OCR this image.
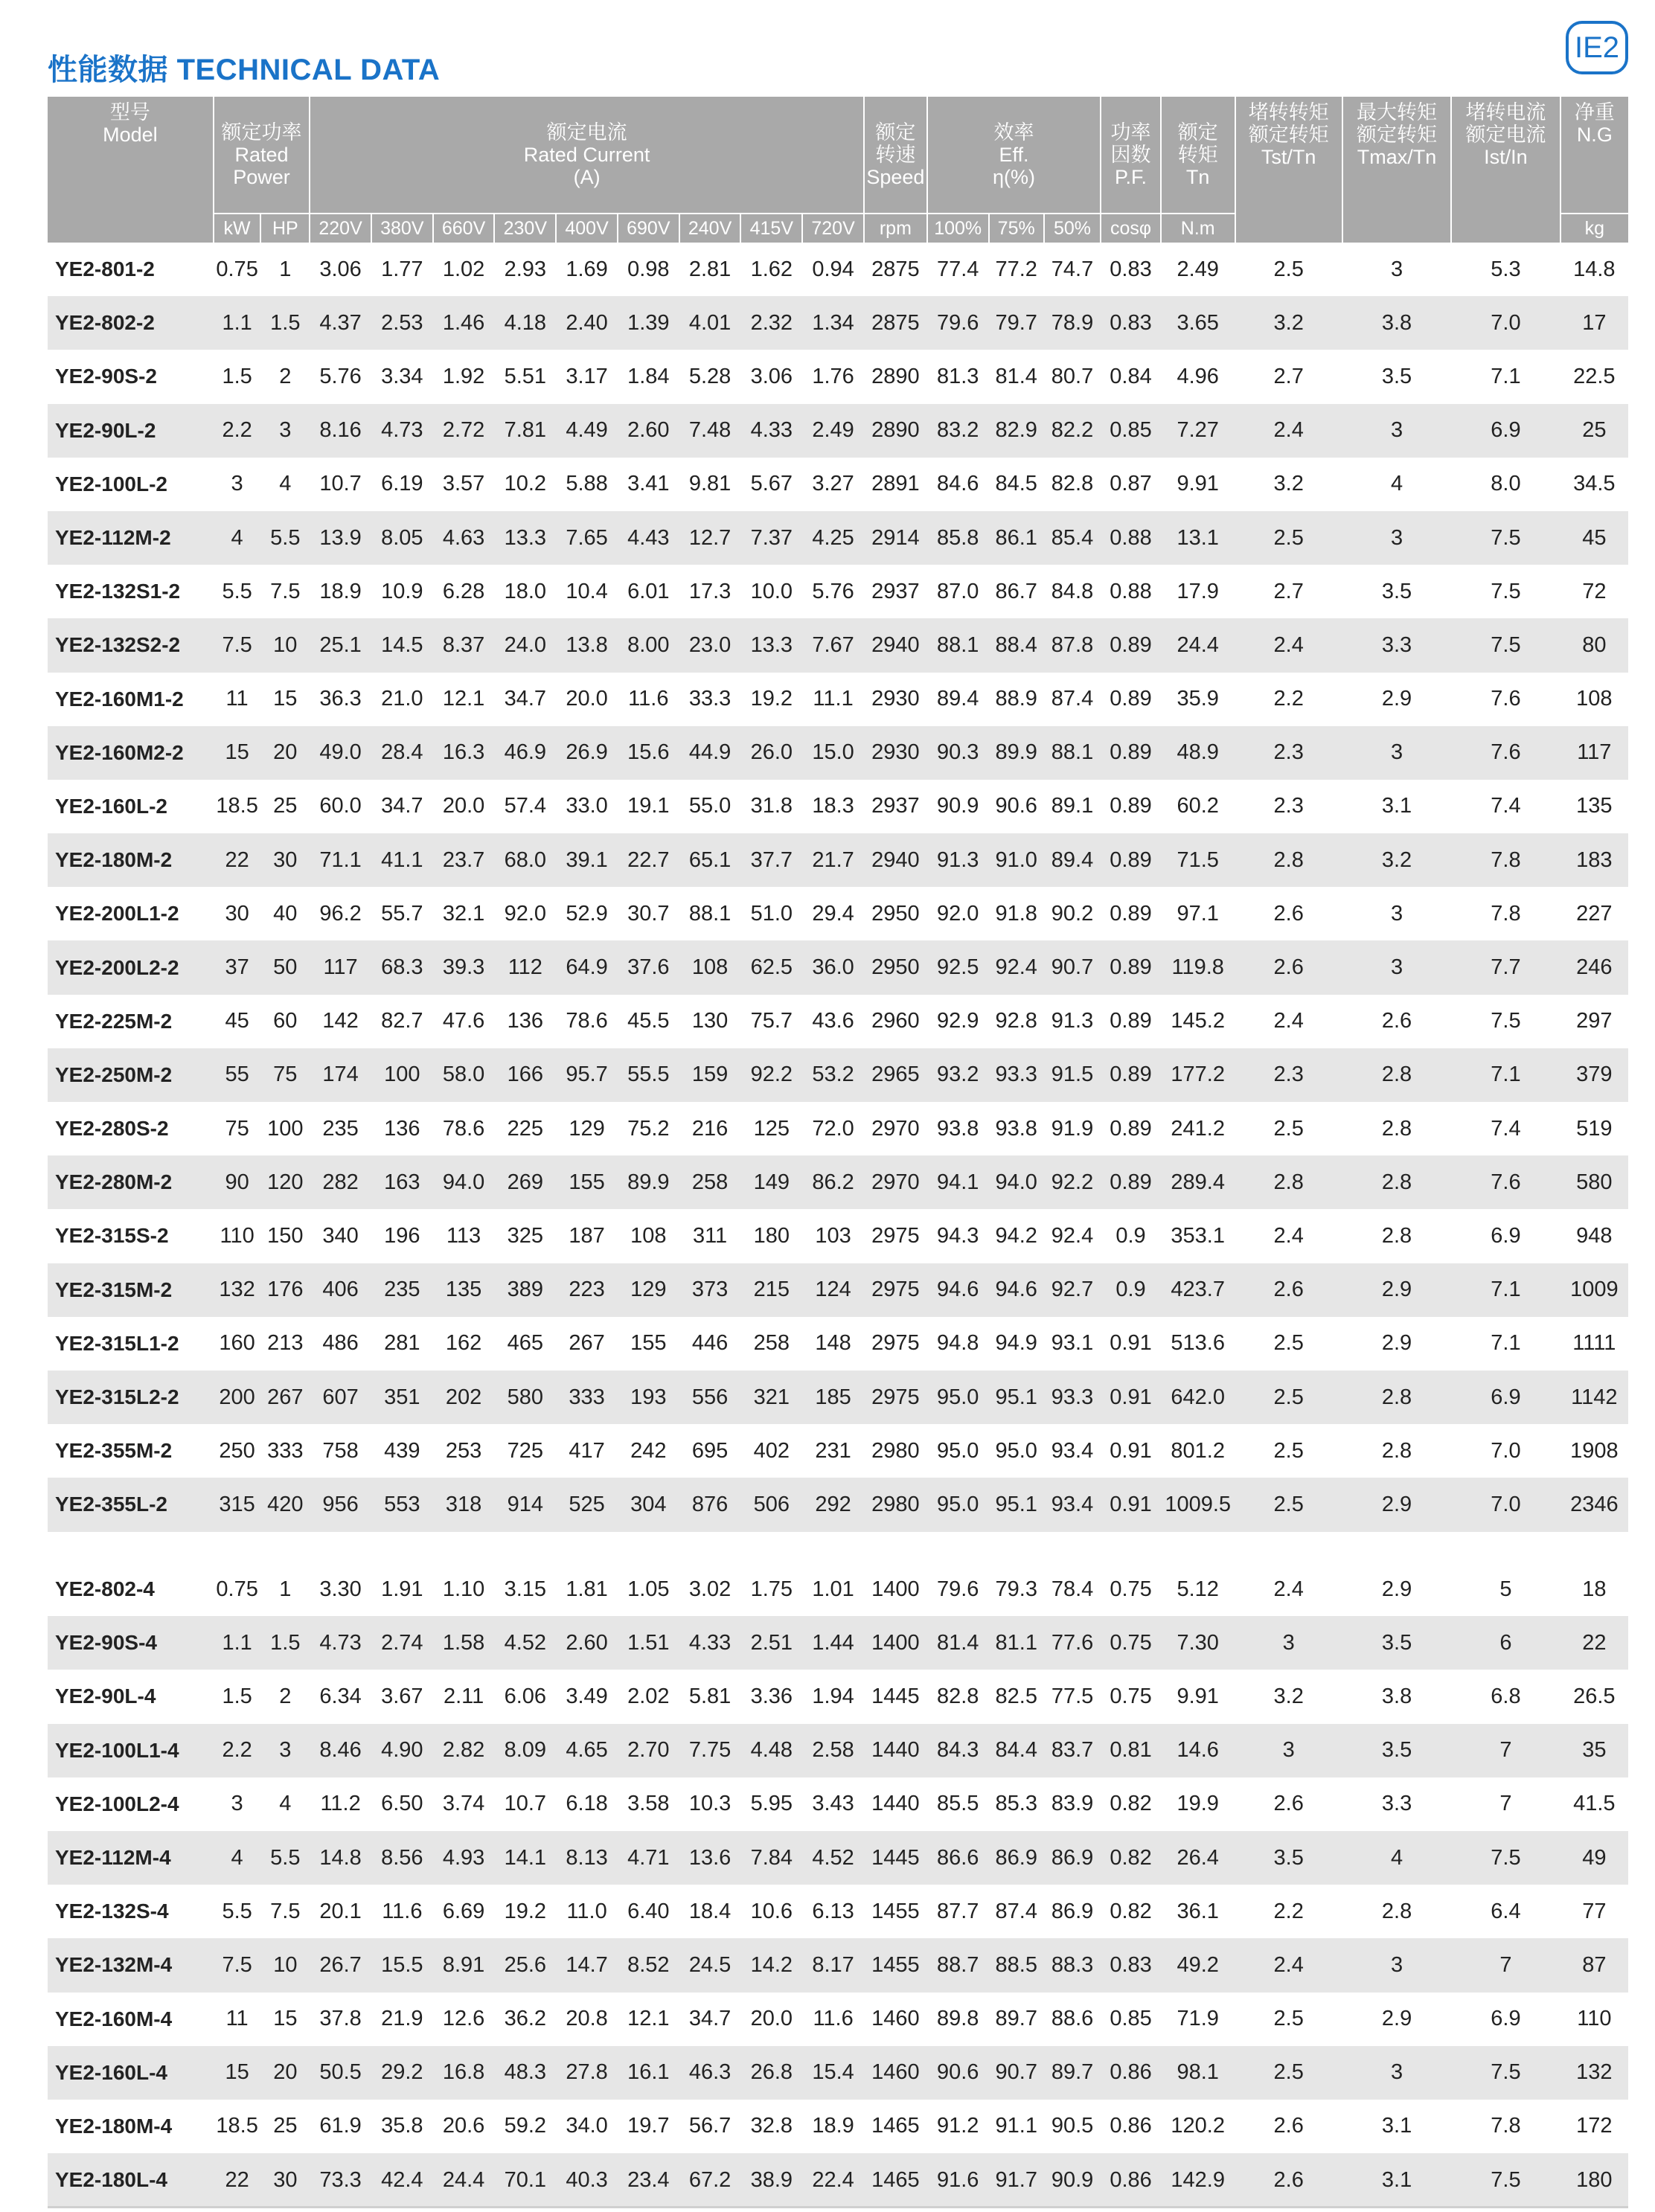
性能数据 TECHNICAL DATA
IE2
型号
Model	额定功率
Rated
Power		额定电流
Rated Current
(A)									额定
转速
Speed	效率
Eff.
η(%)			功率
因数
P.F.	额定
转矩
Tn	堵转转矩
额定转矩
Tst/Tn	最大转矩
额定转矩
Tmax/Tn	堵转电流
额定电流
Ist/In	净重
N.G
	kW	HP	220V	380V	660V	230V	400V	690V	240V	415V	720V	rpm	100%	75%	50%	cosφ	N.m				kg
YE2-801-2	0.75	1	3.06	1.77	1.02	2.93	1.69	0.98	2.81	1.62	0.94	2875	77.4	77.2	74.7	0.83	2.49	2.5	3	5.3	14.8
YE2-802-2	1.1	1.5	4.37	2.53	1.46	4.18	2.40	1.39	4.01	2.32	1.34	2875	79.6	79.7	78.9	0.83	3.65	3.2	3.8	7.0	17
YE2-90S-2	1.5	2	5.76	3.34	1.92	5.51	3.17	1.84	5.28	3.06	1.76	2890	81.3	81.4	80.7	0.84	4.96	2.7	3.5	7.1	22.5
YE2-90L-2	2.2	3	8.16	4.73	2.72	7.81	4.49	2.60	7.48	4.33	2.49	2890	83.2	82.9	82.2	0.85	7.27	2.4	3	6.9	25
YE2-100L-2	3	4	10.7	6.19	3.57	10.2	5.88	3.41	9.81	5.67	3.27	2891	84.6	84.5	82.8	0.87	9.91	3.2	4	8.0	34.5
YE2-112M-2	4	5.5	13.9	8.05	4.63	13.3	7.65	4.43	12.7	7.37	4.25	2914	85.8	86.1	85.4	0.88	13.1	2.5	3	7.5	45
YE2-132S1-2	5.5	7.5	18.9	10.9	6.28	18.0	10.4	6.01	17.3	10.0	5.76	2937	87.0	86.7	84.8	0.88	17.9	2.7	3.5	7.5	72
YE2-132S2-2	7.5	10	25.1	14.5	8.37	24.0	13.8	8.00	23.0	13.3	7.67	2940	88.1	88.4	87.8	0.89	24.4	2.4	3.3	7.5	80
YE2-160M1-2	11	15	36.3	21.0	12.1	34.7	20.0	11.6	33.3	19.2	11.1	2930	89.4	88.9	87.4	0.89	35.9	2.2	2.9	7.6	108
YE2-160M2-2	15	20	49.0	28.4	16.3	46.9	26.9	15.6	44.9	26.0	15.0	2930	90.3	89.9	88.1	0.89	48.9	2.3	3	7.6	117
YE2-160L-2	18.5	25	60.0	34.7	20.0	57.4	33.0	19.1	55.0	31.8	18.3	2937	90.9	90.6	89.1	0.89	60.2	2.3	3.1	7.4	135
YE2-180M-2	22	30	71.1	41.1	23.7	68.0	39.1	22.7	65.1	37.7	21.7	2940	91.3	91.0	89.4	0.89	71.5	2.8	3.2	7.8	183
YE2-200L1-2	30	40	96.2	55.7	32.1	92.0	52.9	30.7	88.1	51.0	29.4	2950	92.0	91.8	90.2	0.89	97.1	2.6	3	7.8	227
YE2-200L2-2	37	50	117	68.3	39.3	112	64.9	37.6	108	62.5	36.0	2950	92.5	92.4	90.7	0.89	119.8	2.6	3	7.7	246
YE2-225M-2	45	60	142	82.7	47.6	136	78.6	45.5	130	75.7	43.6	2960	92.9	92.8	91.3	0.89	145.2	2.4	2.6	7.5	297
YE2-250M-2	55	75	174	100	58.0	166	95.7	55.5	159	92.2	53.2	2965	93.2	93.3	91.5	0.89	177.2	2.3	2.8	7.1	379
YE2-280S-2	75	100	235	136	78.6	225	129	75.2	216	125	72.0	2970	93.8	93.8	91.9	0.89	241.2	2.5	2.8	7.4	519
YE2-280M-2	90	120	282	163	94.0	269	155	89.9	258	149	86.2	2970	94.1	94.0	92.2	0.89	289.4	2.8	2.8	7.6	580
YE2-315S-2	110	150	340	196	113	325	187	108	311	180	103	2975	94.3	94.2	92.4	0.9	353.1	2.4	2.8	6.9	948
YE2-315M-2	132	176	406	235	135	389	223	129	373	215	124	2975	94.6	94.6	92.7	0.9	423.7	2.6	2.9	7.1	1009
YE2-315L1-2	160	213	486	281	162	465	267	155	446	258	148	2975	94.8	94.9	93.1	0.91	513.6	2.5	2.9	7.1	1111
YE2-315L2-2	200	267	607	351	202	580	333	193	556	321	185	2975	95.0	95.1	93.3	0.91	642.0	2.5	2.8	6.9	1142
YE2-355M-2	250	333	758	439	253	725	417	242	695	402	231	2980	95.0	95.0	93.4	0.91	801.2	2.5	2.8	7.0	1908
YE2-355L-2	315	420	956	553	318	914	525	304	876	506	292	2980	95.0	95.1	93.4	0.91	1009.5	2.5	2.9	7.0	2346
YE2-802-4	0.75	1	3.30	1.91	1.10	3.15	1.81	1.05	3.02	1.75	1.01	1400	79.6	79.3	78.4	0.75	5.12	2.4	2.9	5	18
YE2-90S-4	1.1	1.5	4.73	2.74	1.58	4.52	2.60	1.51	4.33	2.51	1.44	1400	81.4	81.1	77.6	0.75	7.30	3	3.5	6	22
YE2-90L-4	1.5	2	6.34	3.67	2.11	6.06	3.49	2.02	5.81	3.36	1.94	1445	82.8	82.5	77.5	0.75	9.91	3.2	3.8	6.8	26.5
YE2-100L1-4	2.2	3	8.46	4.90	2.82	8.09	4.65	2.70	7.75	4.48	2.58	1440	84.3	84.4	83.7	0.81	14.6	3	3.5	7	35
YE2-100L2-4	3	4	11.2	6.50	3.74	10.7	6.18	3.58	10.3	5.95	3.43	1440	85.5	85.3	83.9	0.82	19.9	2.6	3.3	7	41.5
YE2-112M-4	4	5.5	14.8	8.56	4.93	14.1	8.13	4.71	13.6	7.84	4.52	1445	86.6	86.9	86.9	0.82	26.4	3.5	4	7.5	49
YE2-132S-4	5.5	7.5	20.1	11.6	6.69	19.2	11.0	6.40	18.4	10.6	6.13	1455	87.7	87.4	86.9	0.82	36.1	2.2	2.8	6.4	77
YE2-132M-4	7.5	10	26.7	15.5	8.91	25.6	14.7	8.52	24.5	14.2	8.17	1455	88.7	88.5	88.3	0.83	49.2	2.4	3	7	87
YE2-160M-4	11	15	37.8	21.9	12.6	36.2	20.8	12.1	34.7	20.0	11.6	1460	89.8	89.7	88.6	0.85	71.9	2.5	2.9	6.9	110
YE2-160L-4	15	20	50.5	29.2	16.8	48.3	27.8	16.1	46.3	26.8	15.4	1460	90.6	90.7	89.7	0.86	98.1	2.5	3	7.5	132
YE2-180M-4	18.5	25	61.9	35.8	20.6	59.2	34.0	19.7	56.7	32.8	18.9	1465	91.2	91.1	90.5	0.86	120.2	2.6	3.1	7.8	172
YE2-180L-4	22	30	73.3	42.4	24.4	70.1	40.3	23.4	67.2	38.9	22.4	1465	91.6	91.7	90.9	0.86	142.9	2.6	3.1	7.5	180
